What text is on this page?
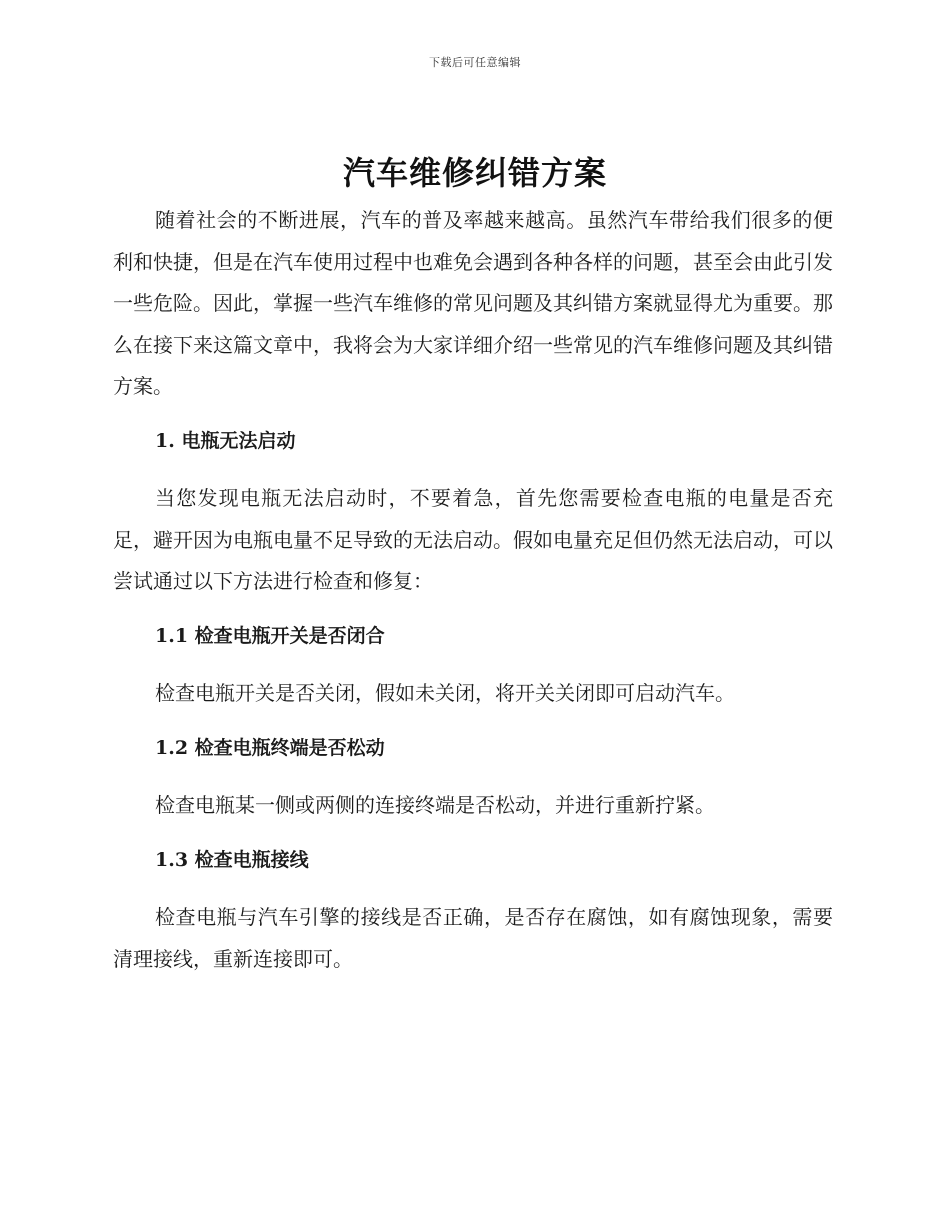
下载后可任意编辑
汽车维修纠错方案

随着社会的不断进展，汽车的普及率越来越高。虽然汽车带给我们很多的便利和快捷，但是在汽车使用过程中也难免会遇到各种各样的问题，甚至会由此引发一些危险。因此，掌握一些汽车维修的常见问题及其纠错方案就显得尤为重要。那么在接下来这篇文章中，我将会为大家详细介绍一些常见的汽车维修问题及其纠错方案。

1. 电瓶无法启动

当您发现电瓶无法启动时，不要着急，首先您需要检查电瓶的电量是否充足，避开因为电瓶电量不足导致的无法启动。假如电量充足但仍然无法启动，可以尝试通过以下方法进行检查和修复：

1.1 检查电瓶开关是否闭合

检查电瓶开关是否关闭，假如未关闭，将开关关闭即可启动汽车。

1.2 检查电瓶终端是否松动

检查电瓶某一侧或两侧的连接终端是否松动，并进行重新拧紧。

1.3 检查电瓶接线

检查电瓶与汽车引擎的接线是否正确，是否存在腐蚀，如有腐蚀现象，需要清理接线，重新连接即可。
